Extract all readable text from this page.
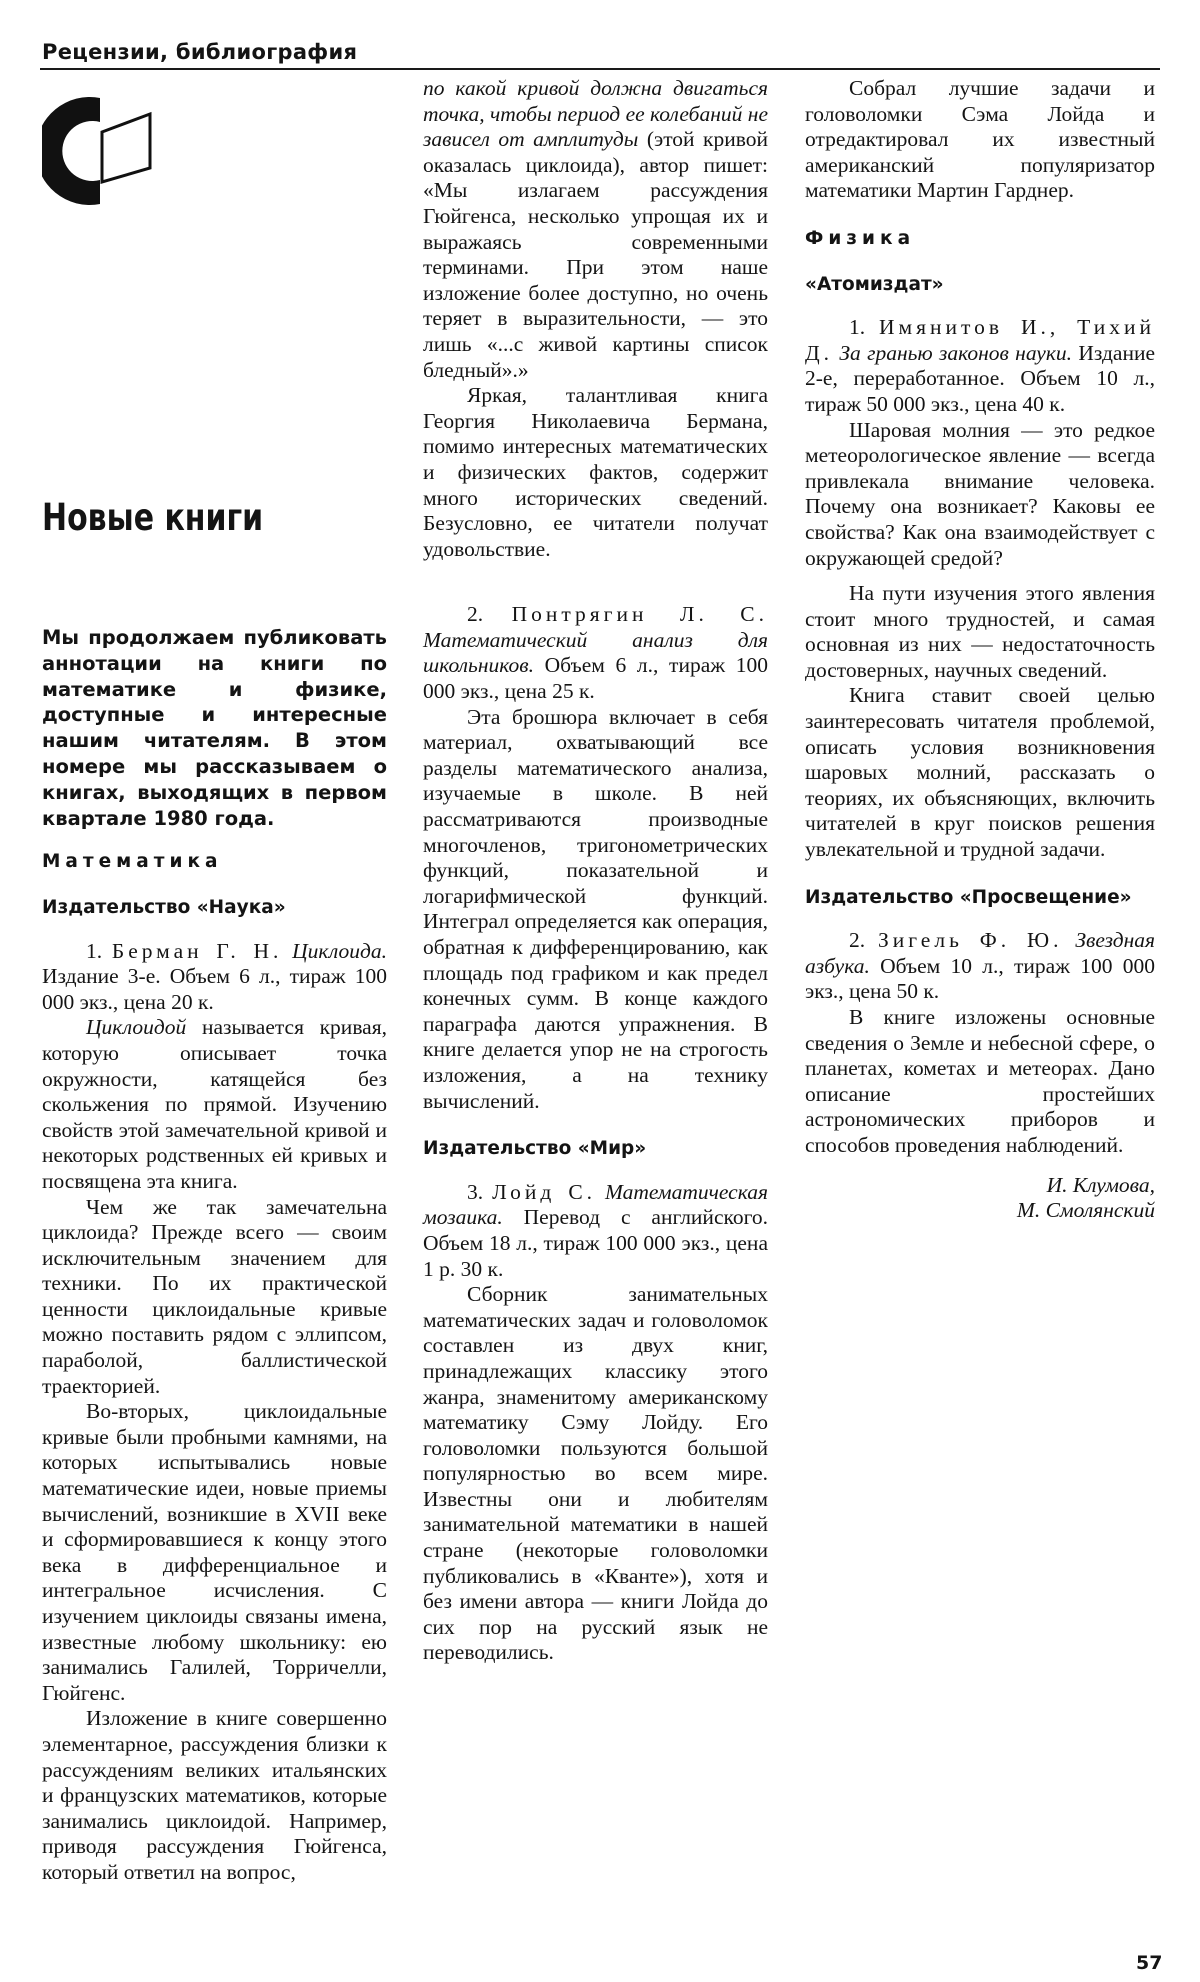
Рецензии, библиография
Новые книги
Мы продолжаем публиковать аннотации на книги по математике и физике, доступные и интересные нашим читателям. В этом номере мы рассказываем о книгах, выходящих в первом квартале 1980 года.
Математика
Издательство «Наука»

1. Берман Г. Н. Циклоида. Издание 3-е. Объем 6 л., тираж 100 000 экз., цена 20 к.

Циклоидой называется кривая, которую описывает точка окружности, катящейся без скольжения по прямой. Изучению свойств этой замечательной кривой и некоторых родственных ей кривых и посвящена эта книга.

Чем же так замечательна циклоида? Прежде всего — своим исключительным значением для техники. По их практической ценности циклоидальные кривые можно поставить рядом с эллипсом, параболой, баллистической траекторией.

Во-вторых, циклоидальные кривые были пробными камнями, на которых испытывались новые математические идеи, новые приемы вычислений, возникшие в XVII веке и сформировавшиеся к концу этого века в дифференциальное и интегральное исчисления. С изучением циклоиды связаны имена, известные любому школьнику: ею занимались Галилей, Торричелли, Гюйгенс.

Изложение в книге совершенно элементарное, рассуждения близки к рассуждениям великих итальянских и французских математиков, которые занимались циклоидой. Например, приводя рассуждения Гюйгенса, который ответил на вопрос,

по какой кривой должна двигаться точка, чтобы период ее колебаний не зависел от амплитуды (этой кривой оказалась циклоида), автор пишет: «Мы излагаем рассуждения Гюйгенса, несколько упрощая их и выражаясь современными терминами. При этом наше изложение более доступно, но очень теряет в выразительности, — это лишь «...с живой картины список бледный».»

Яркая, талантливая книга Георгия Николаевича Бермана, помимо интересных математических и физических фактов, содержит много исторических сведений. Безусловно, ее читатели получат удовольствие.

2. Понтрягин Л. С. Математический анализ для школьников. Объем 6 л., тираж 100 000 экз., цена 25 к.

Эта брошюра включает в себя материал, охватывающий все разделы математического анализа, изучаемые в школе. В ней рассматриваются производные многочленов, тригонометрических функций, показательной и логарифмической функций. Интеграл определяется как операция, обратная к дифференцированию, как площадь под графиком и как предел конечных сумм. В конце каждого параграфа даются упражнения. В книге делается упор не на строгость изложения, а на технику вычислений.

Издательство «Мир»

3. Лойд С. Математическая мозаика. Перевод с английского. Объем 18 л., тираж 100 000 экз., цена 1 р. 30 к.

Сборник занимательных математических задач и головоломок составлен из двух книг, принадлежащих классику этого жанра, знаменитому американскому математику Сэму Лойду. Его головоломки пользуются большой популярностью во всем мире. Известны они и любителям занимательной математики в нашей стране (некоторые головоломки публиковались в «Кванте»), хотя и без имени автора — книги Лойда до сих пор на русский язык не переводились.

Собрал лучшие задачи и головоломки Сэма Лойда и отредактировал их известный американский популяризатор математики Мартин Гарднер.

Физика
«Атомиздат»

1. Имянитов И., Тихий Д. За гранью законов науки. Издание 2-е, переработанное. Объем 10 л., тираж 50 000 экз., цена 40 к.

Шаровая молния — это редкое метеорологическое явление — всегда привлекала внимание человека. Почему она возникает? Каковы ее свойства? Как она взаимодействует с окружающей средой?

На пути изучения этого явления стоит много трудностей, и самая основная из них — недостаточность достоверных, научных сведений.

Книга ставит своей целью заинтересовать читателя проблемой, описать условия возникновения шаровых молний, рассказать о теориях, их объясняющих, включить читателей в круг поисков решения увлекательной и трудной задачи.

Издательство «Просвещение»

2. Зигель Ф. Ю. Звездная азбука. Объем 10 л., тираж 100 000 экз., цена 50 к.

В книге изложены основные сведения о Земле и небесной сфере, о планетах, кометах и метеорах. Дано описание простейших астрономических приборов и способов проведения наблюдений.

И. Клумова,
М. Смолянский
57
